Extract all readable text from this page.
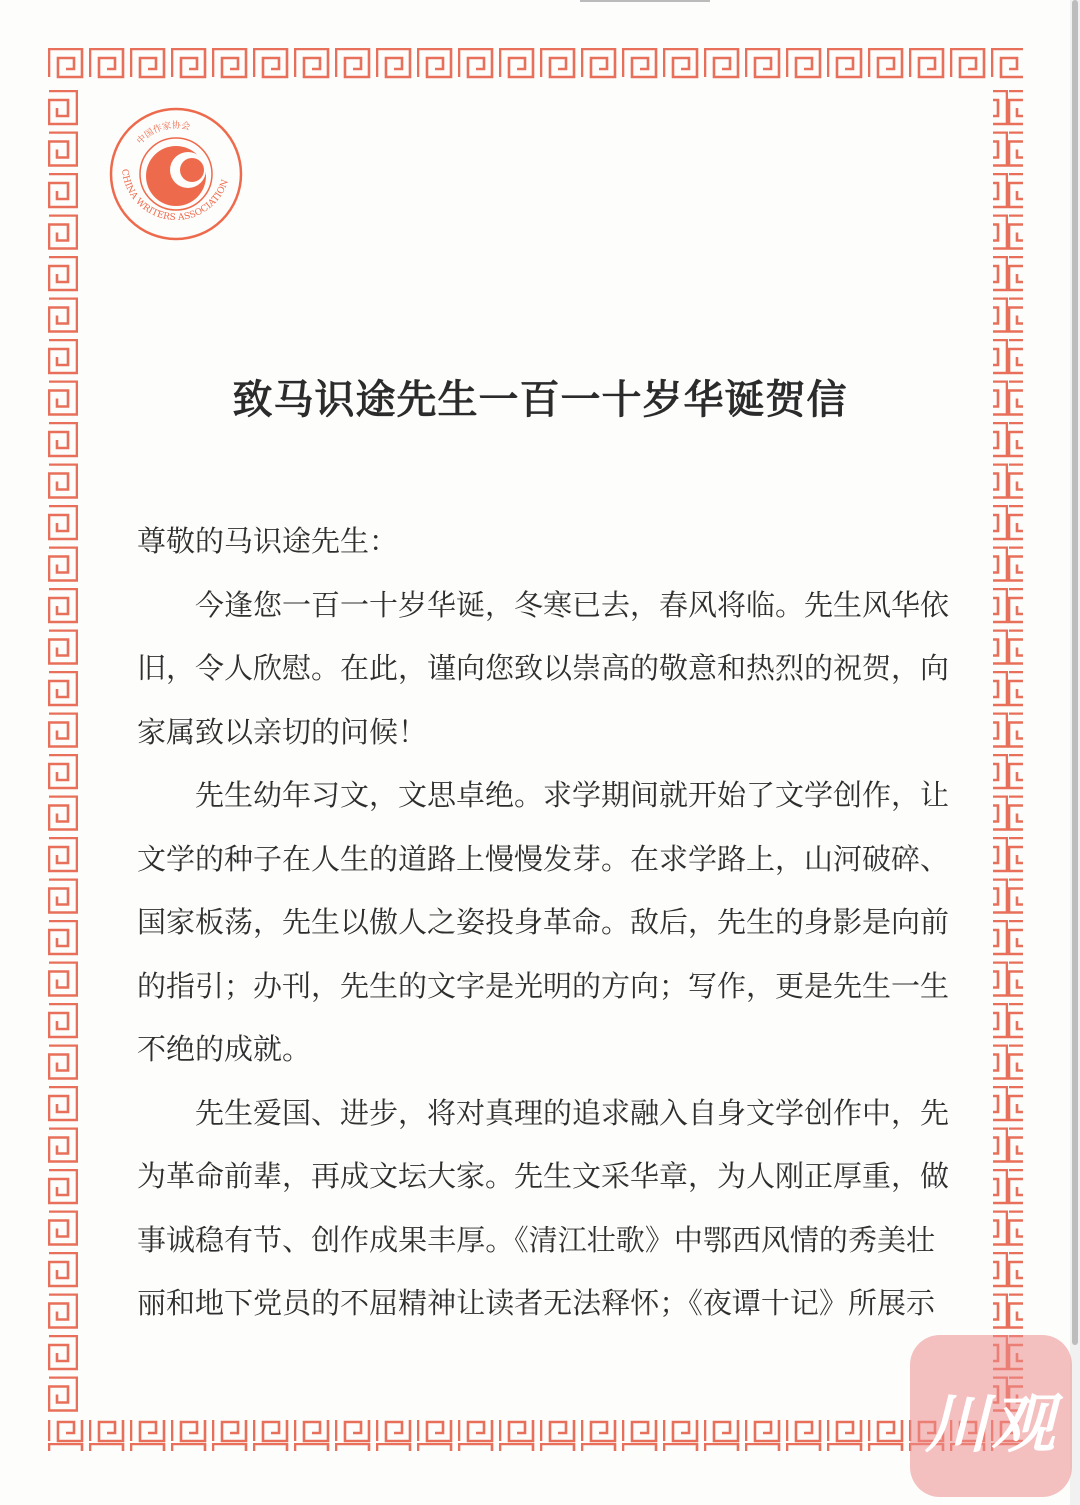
中国作家协会
CHINA WRITERS ASSOCIATION
致马识途先生一百一十岁华诞贺信
尊敬的马识途先生：
今逢您一百一十岁华诞，冬寒已去，春风将临。先生风华依
旧，令人欣慰。在此，谨向您致以崇高的敬意和热烈的祝贺，向
家属致以亲切的问候！
先生幼年习文，文思卓绝。求学期间就开始了文学创作，让
文学的种子在人生的道路上慢慢发芽。在求学路上，山河破碎、
国家板荡，先生以傲人之姿投身革命。敌后，先生的身影是向前
的指引；办刊，先生的文字是光明的方向；写作，更是先生一生
不绝的成就。
先生爱国、进步，将对真理的追求融入自身文学创作中，先
为革命前辈，再成文坛大家。先生文采华章，为人刚正厚重，做
事诚稳有节、创作成果丰厚。《清江壮歌》中鄂西风情的秀美壮
丽和地下党员的不屈精神让读者无法释怀；《夜谭十记》所展示
川观
